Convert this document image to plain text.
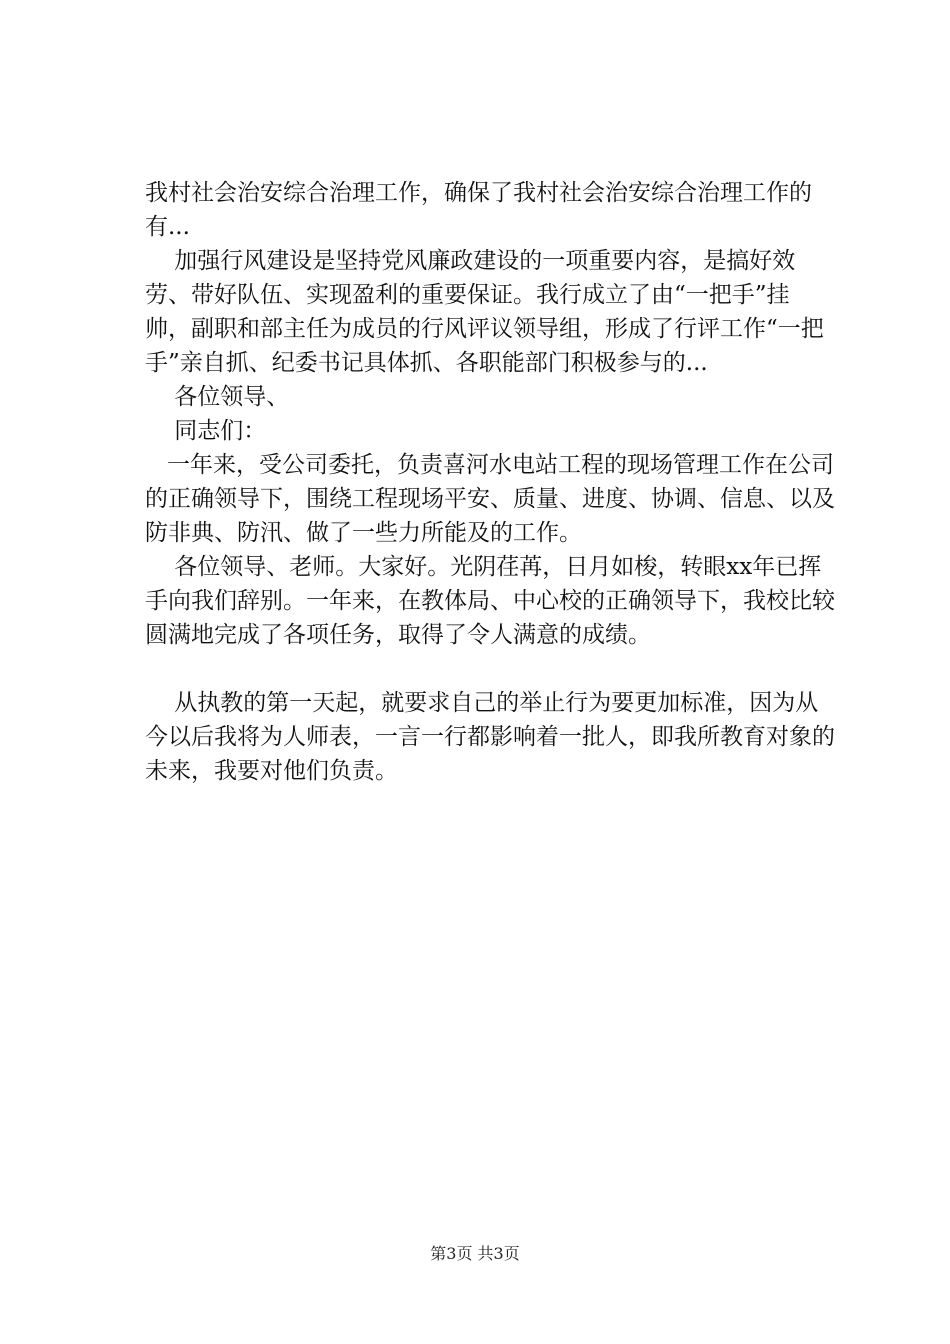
我村社会治安综合治理工作，确保了我村社会治安综合治理工作的有...

加强行风建设是坚持党风廉政建设的一项重要内容，是搞好效劳、带好队伍、实现盈利的重要保证。我行成立了由“一把手”挂帅，副职和部主任为成员的行风评议领导组，形成了行评工作“一把手”亲自抓、纪委书记具体抓、各职能部门积极参与的...

各位领导、

同志们：

一年来，受公司委托，负责喜河水电站工程的现场管理工作在公司的正确领导下，围绕工程现场平安、质量、进度、协调、信息、以及防非典、防汛、做了一些力所能及的工作。

各位领导、老师。大家好。光阴荏苒，日月如梭，转眼xx年已挥手向我们辞别。一年来，在教体局、中心校的正确领导下，我校比较圆满地完成了各项任务，取得了令人满意的成绩。

从执教的第一天起，就要求自己的举止行为要更加标准，因为从今以后我将为人师表，一言一行都影响着一批人，即我所教育对象的未来，我要对他们负责。

第3页 共3页
